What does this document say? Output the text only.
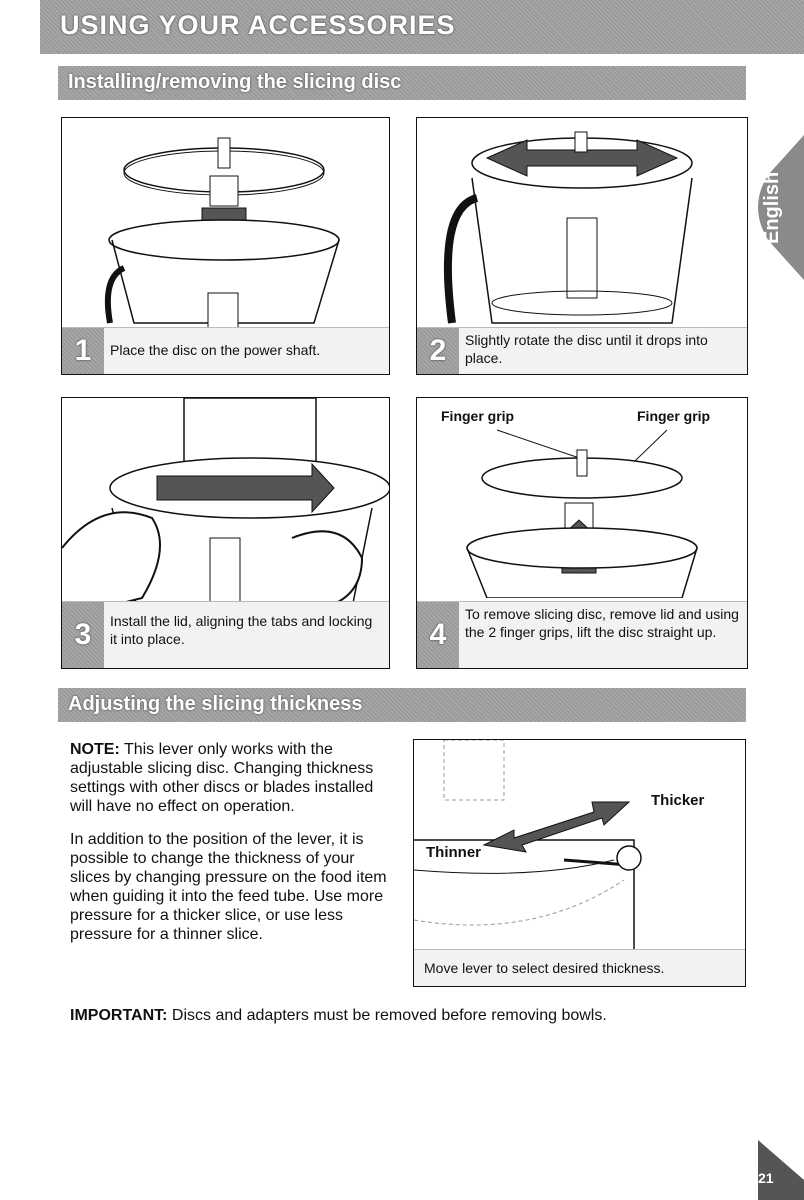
USING YOUR ACCESSORIES
English
Installing/removing the slicing disc
1	Place the disc on the power shaft.	2	Slightly rotate the disc until it drops into place.
3	Install the lid, aligning the tabs and locking it into place.
Finger grip	Finger grip
4
To remove slicing disc, remove lid and using the 2 finger grips, lift the disc straight up.
Adjusting the slicing thickness
NOTE: This lever only works with the adjustable slicing disc. Changing thickness settings with other discs or blades installed will have no effect on operation.
In addition to the position of the lever, it is possible to change the thickness of your slices by changing pressure on the food item when guiding it into the feed tube. Use more pressure for a thicker slice, or use less pressure for a thinner slice.
Thicker
Thinner
Move lever to select desired thickness.
IMPORTANT: Discs and adapters must be removed before removing bowls.
21
